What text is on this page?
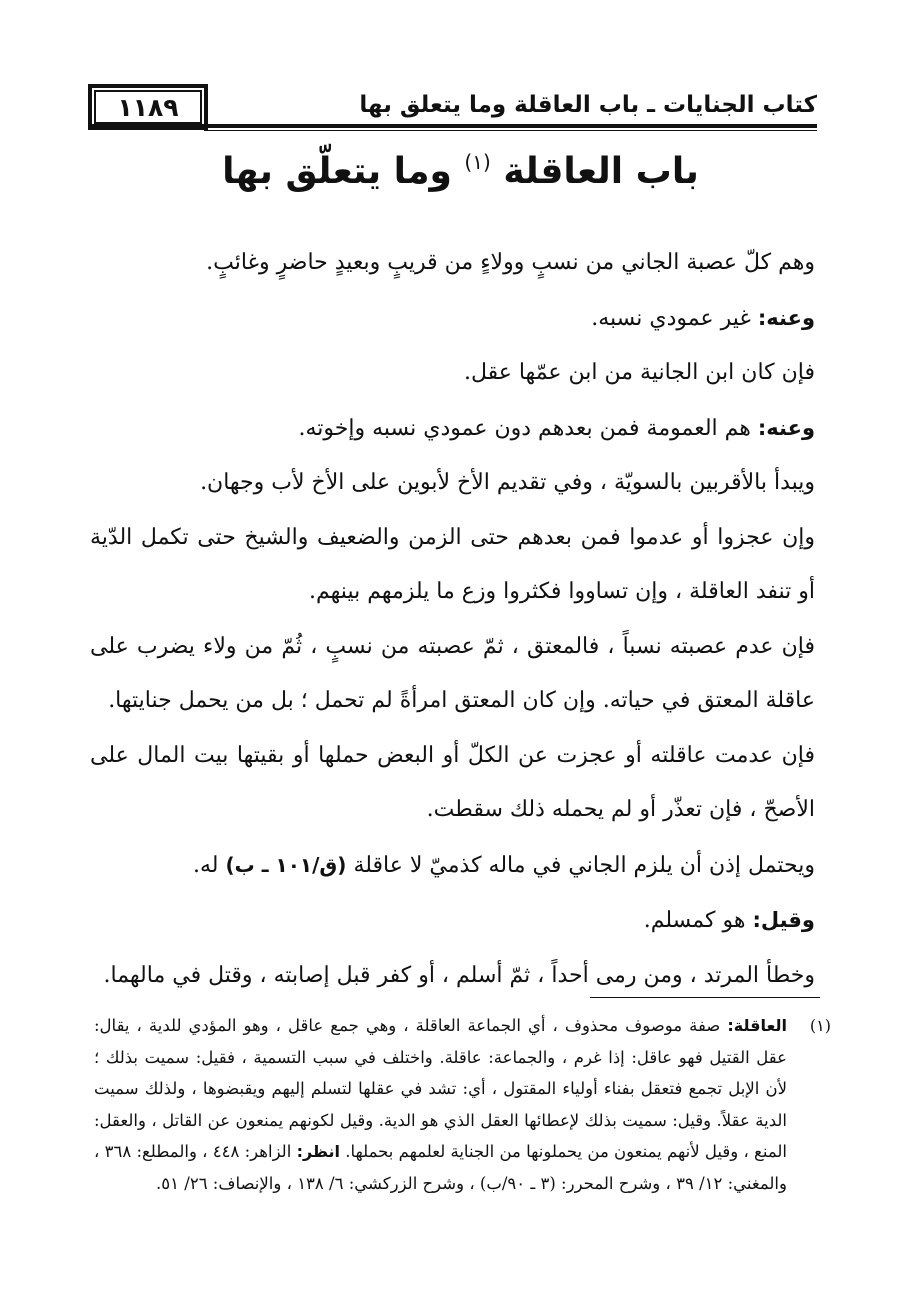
١١٨٩	كتاب الجنايات ـ باب العاقلة وما يتعلق بها
باب العاقلة $^{(١)}$ وما يتعلّق بها

وهم كلّ عصبة الجاني من نسبٍ وولاءٍ من قريبٍ وبعيدٍ حاضرٍ وغائبٍ.

وعنه: غير عمودي نسبه.

فإن كان ابن الجانية من ابن عمّها عقل.

وعنه: هم العمومة فمن بعدهم دون عمودي نسبه وإخوته.

ويبدأ بالأقربين بالسويّة ، وفي تقديم الأخ لأبوين على الأخ لأب وجهان.

وإن عجزوا أو عدموا فمن بعدهم حتى الزمن والضعيف والشيخ حتى تكمل الدّية أو تنفد العاقلة ، وإن تساووا فكثروا وزع ما يلزمهم بينهم.

فإن عدم عصبته نسباً ، فالمعتق ، ثمّ عصبته من نسبٍ ، ثُمّ من ولاء يضرب على عاقلة المعتق في حياته. وإن كان المعتق امرأةً لم تحمل ؛ بل من يحمل جنايتها.

فإن عدمت عاقلته أو عجزت عن الكلّ أو البعض حملها أو بقيتها بيت المال على الأصحّ ، فإن تعذّر أو لم يحمله ذلك سقطت.

ويحتمل إذن أن يلزم الجاني في ماله كذميّ لا عاقلة (ق/١٠١ ـ ب) له.

وقيل: هو كمسلم.

وخطأ المرتد ، ومن رمى أحداً ، ثمّ أسلم ، أو كفر قبل إصابته ، وقتل في مالهما.

(١)
العاقلة: صفة موصوف محذوف ، أي الجماعة العاقلة ، وهي جمع عاقل ، وهو المؤدي للدية ، يقال: عقل القتيل فهو عاقل: إذا غرم ، والجماعة: عاقلة. واختلف في سبب التسمية ، فقيل: سميت بذلك ؛ لأن الإبل تجمع فتعقل بفناء أولياء المقتول ، أي: تشد في عقلها لتسلم إليهم ويقبضوها ، ولذلك سميت الدية عقلاً. وقيل: سميت بذلك لإعطائها العقل الذي هو الدية. وقيل لكونهم يمنعون عن القاتل ، والعقل: المنع ، وقيل لأنهم يمنعون من يحملونها من الجناية لعلمهم بحملها. انظر: الزاهر: ٤٤٨ ، والمطلع: ٣٦٨ ، والمغني: ١٢/ ٣٩ ، وشرح المحرر: (٣ ـ ٩٠/ب) ، وشرح الزركشي: ٦/ ١٣٨ ، والإنصاف: ٢٦/ ٥١.
